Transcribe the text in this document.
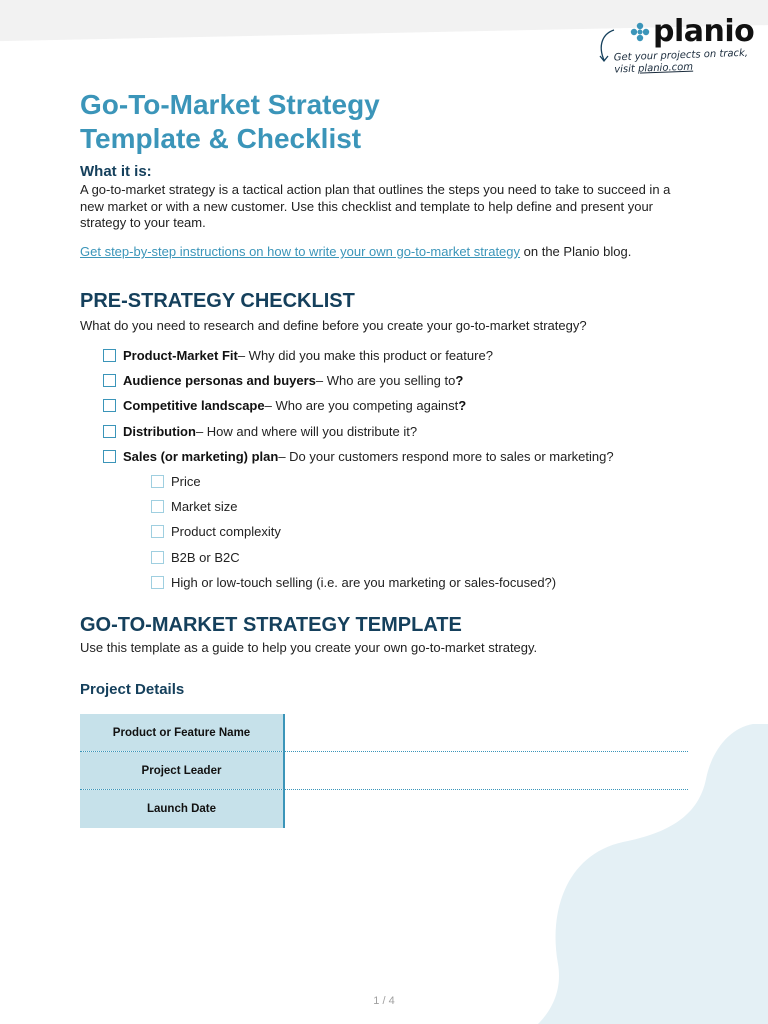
planio
Get your projects on track,
visit planio.com
Go-To-Market Strategy
Template & Checklist

What it is:

A go-to-market strategy is a tactical action plan that outlines the steps you need to take to succeed in a new market or with a new customer. Use this checklist and template to help define and present your strategy to your team.

Get step-by-step instructions on how to write your own go-to-market strategy on the Planio blog.

PRE-STRATEGY CHECKLIST

What do you need to research and define before you create your go-to-market strategy?

Product-Market Fit – Why did you make this product or feature?
Audience personas and buyers – Who are you selling to ?
Competitive landscape – Who are you competing against ?
Distribution – How and where will you distribute it?
Sales (or marketing) plan – Do your customers respond more to sales or marketing?
Price
Market size
Product complexity
B2B or B2C
High or low-touch selling (i.e. are you marketing or sales-focused?)
GO-TO-MARKET STRATEGY TEMPLATE

Use this template as a guide to help you create your own go-to-market strategy.

Project Details

Product or Feature Name
Project Leader
Launch Date
1 / 4
